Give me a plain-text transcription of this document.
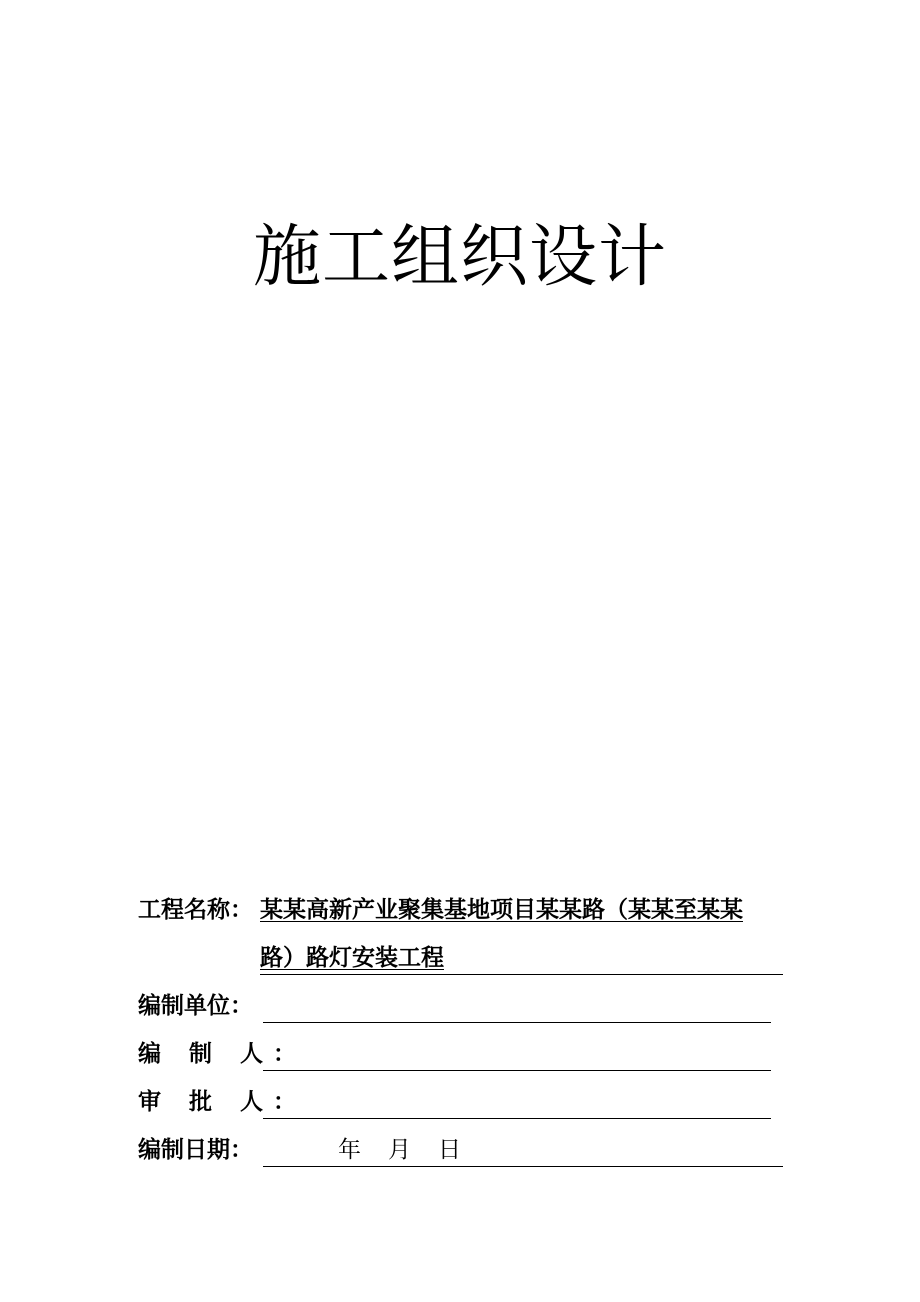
施工组织设计
工程名称： 某某高新产业聚集基地项目某某路（某某至某某
路）路灯安装工程
编制单位：
编 制 人：
审 批 人：
编制日期：	年 月 日
